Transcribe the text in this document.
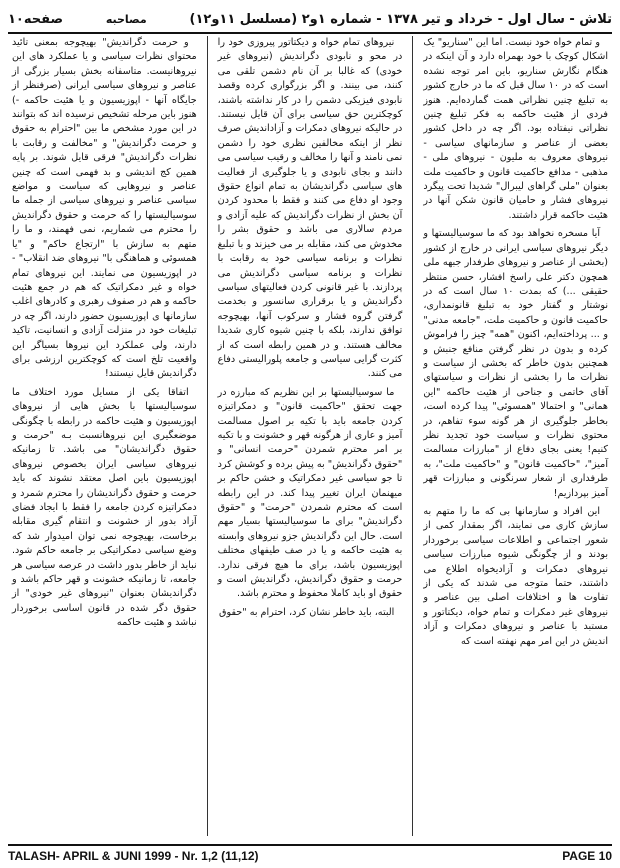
تلاش - سال اول - خرداد و تیر ۱۳۷۸ - شماره ۱و۲ (مسلسل ۱۱و۱۲)
مصاحبه
صفحه۱۰

و تمام خواه خود نیست. اما این "سناریو" یک اشکال کوچک با خود بهمراه دارد و آن اینکه در هنگام نگارش سناریو، باین امر توجه نشده است که در ۱۰ سال قبل که ما در خارج کشور به تبلیغ چنین نظراتی همت گمارده‌ایم. هنوز فردی از هئیت حاکمه به فکر تبلیغ چنین نظراتی نیفتاده بود. اگر چه در داخل کشور بعضی از عناصر و سازمانهای سیاسی - نیروهای معروف به ملیون - نیروهای ملی - مذهبی - مدافع حاکمیت قانون و حاکمیت ملت بعنوان "ملی گراهای لیبرال" شدیدا تحت پیگرد نیروهای فشار و حامیان قانون شکن آنها در هئیت حاکمه قرار داشتند.

آیا مسخره نخواهد بود که ما سوسیالیستها و دیگر نیروهای سیاسی ایرانی در خارج از کشور (بخشی از عناصر و نیروهای طرفدار جبهه ملی همچون دکتر علی راسخ افشار، حسن منتظر حقیقی ...) که بمدت ۱۰ سال است که در نوشتار و گفتار خود به تبلیغ قانونمداری، حاکمیت قانون و حاکمیت ملت، "جامعه مدنی" و ... پرداخته‌ایم، اکنون "همه" چیز را فراموش کرده و بدون در نظر گرفتن منافع جنبش و همچنین بدون خاطر که بخشی از سیاست و نظرات ما را بخشی از نظرات و سیاستهای آقای خاتمی و جناحی از هئیت حاکمه "این همانی" و احتمالا "همسوئی" پیدا کرده است، بخاطر جلوگیری از هر گونه سوء تفاهم، در محتوی نظرات و سیاست خود تجدید نظر کنیم! یعنی بجای دفاع از "مبارزات مسالمت آمیز"، "حاکمیت قانون" و "حاکمیت ملت"، به طرفداری از شعار سرنگونی و مبارزات قهر آمیز بپردازیم!

این افراد و سازمانها بی که ما را متهم به سازش کاری می نمایند، اگر بمقدار کمی از شعور اجتماعی و اطلاعات سیاسی برخوردار بودند و از چگونگی شیوه مبارزات سیاسی نیروهای دمکرات و آزادیخواه اطلاع می داشتند، حتما متوجه می شدند که یکی از تفاوت ها و اختلافات اصلی بین عناصر و نیروهای غیر دمکرات و تمام خواه، دیکتاتور و مستبد با عناصر و نیروهای دمکرات و آزاد اندیش در این امر مهم نهفته است که

نیروهای تمام خواه و دیکتاتور پیروزی خود را در محو و نابودی دگراندیش (نیروهای غیر خودی) که غالبا بر آن نام دشمن تلقی می کنند، می بینند. و اگر بزرگواری کرده وقصد نابودی فیزیکی دشمن را در کار نداشته باشند، کوچکترین حق سیاسی برای آن قایل نیستند. در حالیکه نیروهای دمکرات و آزاداندیش صرف نظر از اینکه مخالفین نظری خود را دشمن نمی نامند و آنها را مخالف و رقیب سیاسی می دانند و بجای نابودی و یا جلوگیری از فعالیت های سیاسی دگراندیشان به تمام انواع حقوق وجود او دفاع می کنند و فقط با محدود کردن آن بخش از نظرات دگراندیش که علیه آزادی و مردم سالاری می باشد و حقوق بشر را مخدوش می کند، مقابله بر می خیزند و با تبلیغ نظرات و برنامه سیاسی خود به رقابت با نظرات و برنامه سیاسی دگراندیش می پردازند. با غیر قانونی کردن فعالیتهای سیاسی دگراندیش و یا برقراری سانسور و بخدمت گرفتن گروه فشار و سرکوب آنها، بهیچوجه توافق ندارند، بلکه با چنین شیوه کاری شدیدا مخالف هستند. و در همین رابطه است که از کثرت گرایی سیاسی و جامعه پلورالیستی دفاع می کنند.

ما سوسیالیستها بر این نظریم که مبارزه در جهت تحقق "حاکمیت قانون" و دمکراتیزه کردن جامعه باید با تکیه بر اصول مسالمت آمیز و عاری از هرگونه قهر و خشونت و با تکیه بر امر محترم شمردن "حرمت انسانی" و "حقوق دگراندیش" به پیش برده و کوشش کرد تا جو سیاسی غیر دمکراتیک و خشن حاکم بر میهنمان ایران تغییر پیدا کند. در این رابطه است که محترم شمردن "حرمت" و "حقوق دگراندیش" برای ما سوسیالیستها بسیار مهم است. حال این دگراندیش جزو نیروهای وابسته به هئیت حاکمه و یا در صف طیفهای مختلف اپوزیسیون باشد، برای ما هیچ فرقی ندارد. حرمت و حقوق دگراندیش، دگراندیش است و حقوق او باید کاملا محفوظ و محترم باشد.

البته، باید خاطر نشان کرد، احترام به "حقوق

و حرمت دگراندیش" بهیچوجه بمعنی تائید محتوای نظرات سیاسی و یا عملکرد های این نیروهانیست. متاسفانه بخش بسیار بزرگی از عناصر و نیروهای سیاسی ایرانی (صرفنظر از جایگاه آنها - اپوزیسیون و یا هئیت حاکمه -) هنوز باین مرحله تشخیص نرسیده اند که بتوانند در این مورد مشخص ما بین "احترام به حقوق و حرمت دگراندیش" و "مخالفت و رقابت با نظرات دگراندیش" فرقی قایل شوند. بر پایه همین کج اندیشی و بد فهمی است که چنین عناصر و نیروهایی که سیاست و مواضع سیاسی عناصر و نیروهای سیاسی از جمله ما سوسیالیستها را که حرمت و حقوق دگراندیش را محترم می شماریم، نمی فهمند، و ما را متهم به سازش با "ارتجاع حاکم" و "یا همسوئی و هماهنگی با" نیروهای ضد انقلاب" - در اپوزیسیون می نمایند. این نیروهای تمام خواه و غیر دمکراتیک که هم در جمع هئیت حاکمه و هم در صفوف رهبری و کادرهای اغلب سازمانها ی اپوزیسیون حضور دارند، اگر چه در تبلیغات خود در منزلت آزادی و انسانیت، تاکید دارند، ولی عملکرد این نیروها بسیاگر این واقعیت تلخ است که کوچکترین ارزشی برای دگراندیش قایل نیستند!

اتفاقا یکی از مسایل مورد اختلاف ما سوسیالیستها با بخش هایی از نیروهای اپوزیسیون و هئیت حاکمه در رابطه با چگونگی موضعگیری این نیروهانسبت بـه "حرمت و حقوق دگراندیشان" می باشد. تا زمانیکه نیروهای سیاسی ایران بخصوص نیروهای اپوزیسیون باین اصل معتقد نشوند که باید حرمت و حقوق دگراندیشان را محترم شمرد و دمکراتیزه کردن جامعه را فقط با ایجاد فضای آزاد بدور از خشونت و انتقام گیری مقابله برخاست، بهیچوجه نمی توان امیدوار شد که وضع سیاسی دمکراتیکی بر جامعه حاکم شود. نباید از خاطر بدور داشت در عرصه سیاسی هر جامعه، تا زمانیکه خشونت و قهر حاکم باشد و دگراندیشان بعنوان "نیروهای غیر خودی" از حقوق دگر شده در قانون اساسی برخوردار نباشد و هئیت حاکمه

TALASH- APRIL & JUNI 1999 - Nr. 1,2 (11,12)	PAGE 10
